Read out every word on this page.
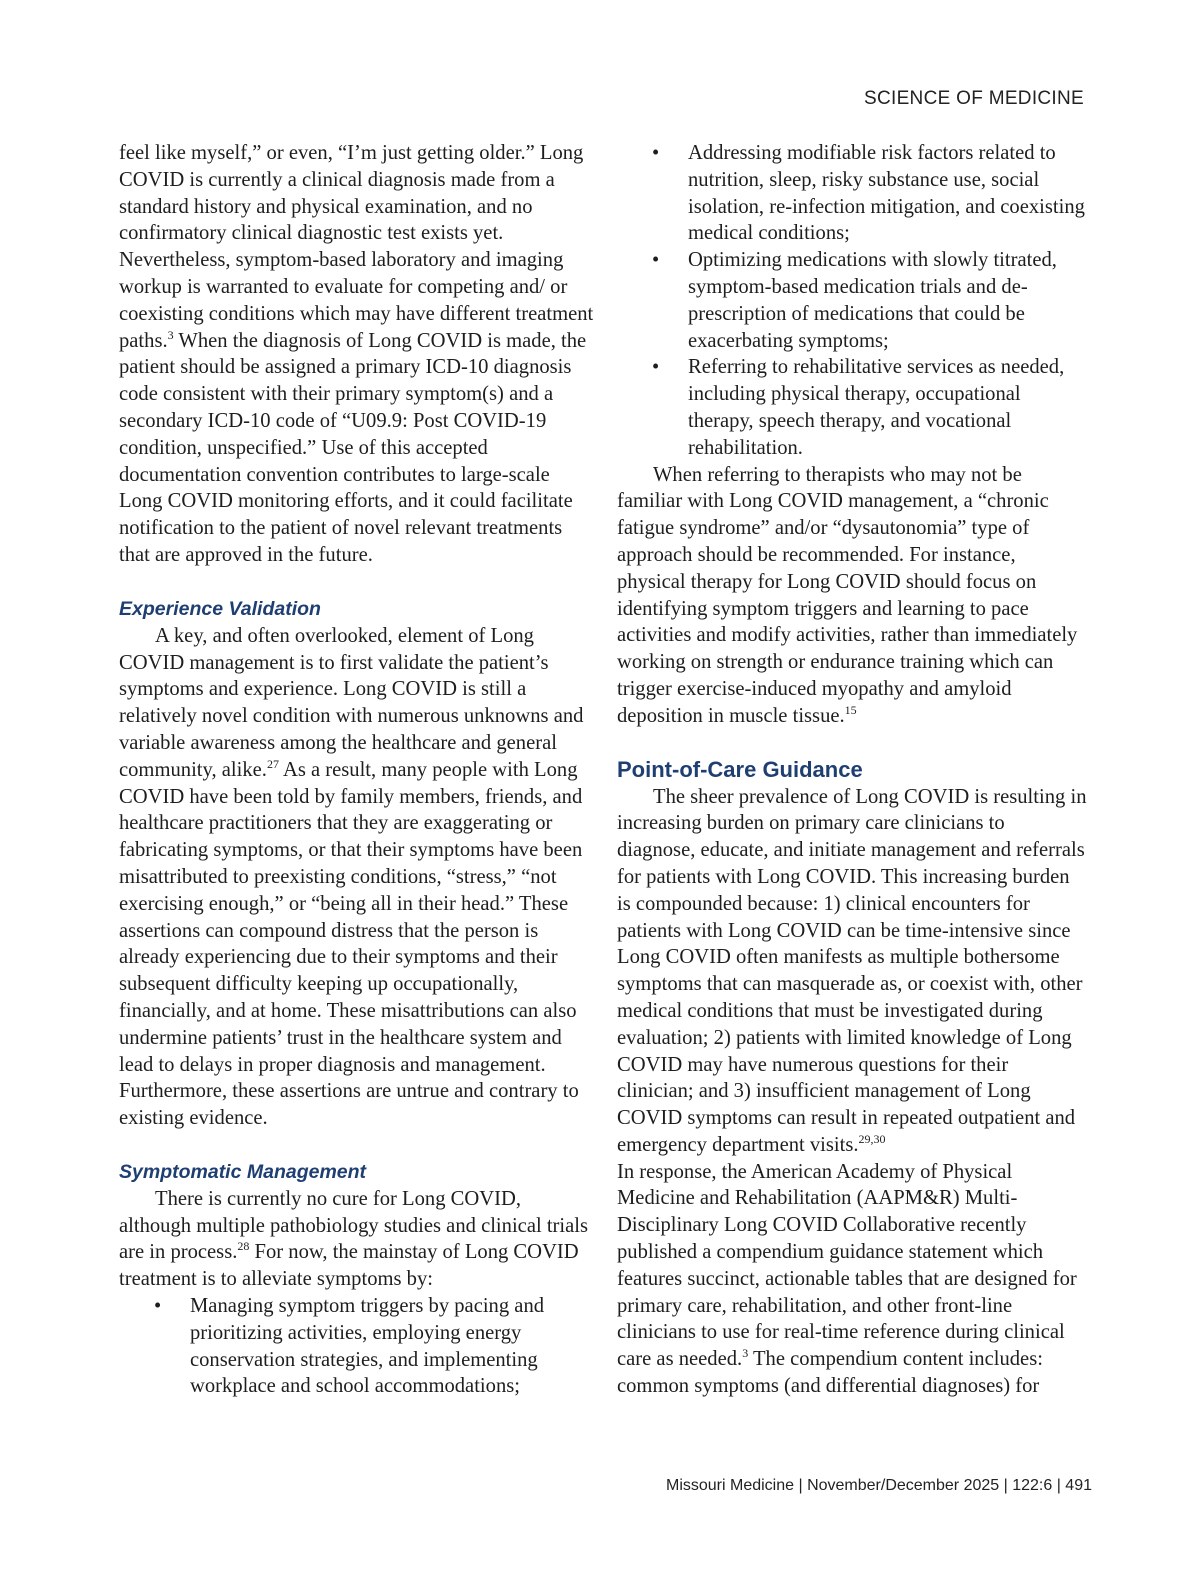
SCIENCE OF MEDICINE

feel like myself,” or even, “I’m just getting older.” Long COVID is currently a clinical diagnosis made from a standard history and physical examination, and no confirmatory clinical diagnostic test exists yet. Nevertheless, symptom-based laboratory and imaging workup is warranted to evaluate for competing and/ or coexisting conditions which may have different treatment paths.$^3$ When the diagnosis of Long COVID is made, the patient should be assigned a primary ICD-10 diagnosis code consistent with their primary symptom(s) and a secondary ICD-10 code of “U09.9: Post COVID-19 condition, unspecified.” Use of this accepted documentation convention contributes to large-scale Long COVID monitoring efforts, and it could facilitate notification to the patient of novel relevant treatments that are approved in the future.

Experience Validation

A key, and often overlooked, element of Long COVID management is to first validate the patient’s symptoms and experience. Long COVID is still a relatively novel condition with numerous unknowns and variable awareness among the healthcare and general community, alike.$^{27}$ As a result, many people with Long COVID have been told by family members, friends, and healthcare practitioners that they are exaggerating or fabricating symptoms, or that their symptoms have been misattributed to preexisting conditions, “stress,” “not exercising enough,” or “being all in their head.” These assertions can compound distress that the person is already experiencing due to their symptoms and their subsequent difficulty keeping up occupationally, financially, and at home. These misattributions can also undermine patients’ trust in the healthcare system and lead to delays in proper diagnosis and management. Furthermore, these assertions are untrue and contrary to existing evidence.

Symptomatic Management

There is currently no cure for Long COVID, although multiple pathobiology studies and clinical trials are in process.$^{28}$ For now, the mainstay of Long COVID treatment is to alleviate symptoms by:

• Managing symptom triggers by pacing and prioritizing activities, employing energy conservation strategies, and implementing workplace and school accommodations;
• Addressing modifiable risk factors related to nutrition, sleep, risky substance use, social isolation, re-infection mitigation, and coexisting medical conditions;
• Optimizing medications with slowly titrated, symptom-based medication trials and de-prescription of medications that could be exacerbating symptoms;
• Referring to rehabilitative services as needed, including physical therapy, occupational therapy, speech therapy, and vocational rehabilitation.

When referring to therapists who may not be familiar with Long COVID management, a “chronic fatigue syndrome” and/or “dysautonomia” type of approach should be recommended. For instance, physical therapy for Long COVID should focus on identifying symptom triggers and learning to pace activities and modify activities, rather than immediately working on strength or endurance training which can trigger exercise-induced myopathy and amyloid deposition in muscle tissue.$^{15}$

Point-of-Care Guidance

The sheer prevalence of Long COVID is resulting in increasing burden on primary care clinicians to diagnose, educate, and initiate management and referrals for patients with Long COVID. This increasing burden is compounded because: 1) clinical encounters for patients with Long COVID can be time-intensive since Long COVID often manifests as multiple bothersome symptoms that can masquerade as, or coexist with, other medical conditions that must be investigated during evaluation; 2) patients with limited knowledge of Long COVID may have numerous questions for their clinician; and 3) insufficient management of Long COVID symptoms can result in repeated outpatient and emergency department visits.$^{29,30}$

In response, the American Academy of Physical Medicine and Rehabilitation (AAPM&R) Multi-Disciplinary Long COVID Collaborative recently published a compendium guidance statement which features succinct, actionable tables that are designed for primary care, rehabilitation, and other front-line clinicians to use for real-time reference during clinical care as needed.$^3$ The compendium content includes: common symptoms (and differential diagnoses) for

Missouri Medicine | November/December 2025 | 122:6 | 491
